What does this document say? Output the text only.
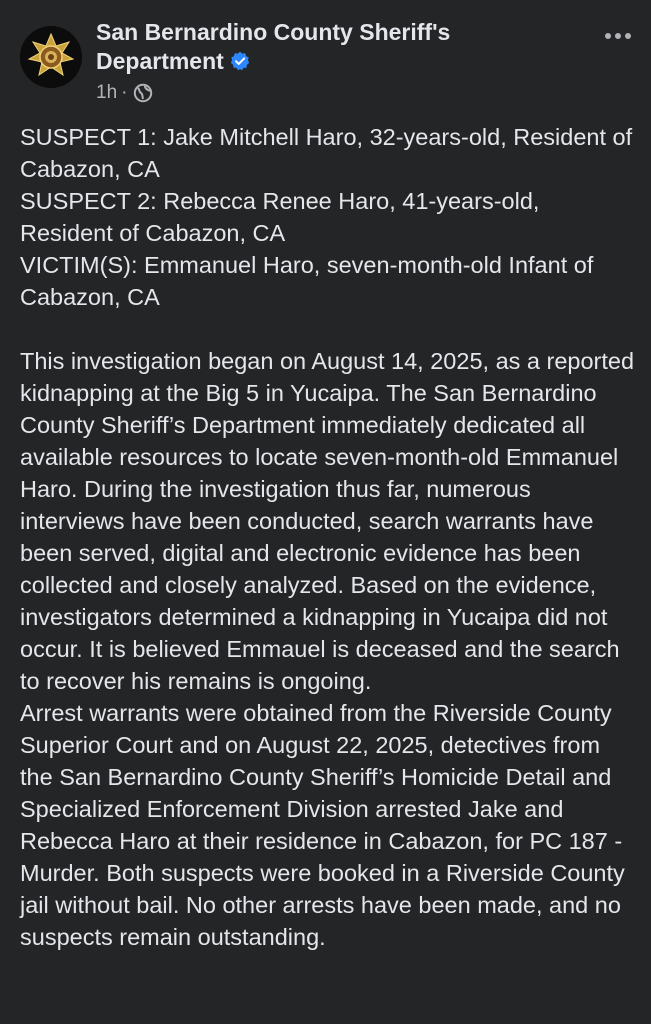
San Bernardino County Sheriff's Department
1h ·

SUSPECT 1: Jake Mitchell Haro, 32-years-old, Resident of Cabazon, CA
SUSPECT 2: Rebecca Renee Haro, 41-years-old, Resident of Cabazon, CA
VICTIM(S): Emmanuel Haro, seven-month-old Infant of Cabazon, CA

This investigation began on August 14, 2025, as a reported kidnapping at the Big 5 in Yucaipa. The San Bernardino County Sheriff’s Department immediately dedicated all available resources to locate seven-month-old Emmanuel Haro. During the investigation thus far, numerous interviews have been conducted, search warrants have been served, digital and electronic evidence has been collected and closely analyzed. Based on the evidence, investigators determined a kidnapping in Yucaipa did not occur. It is believed Emmauel is deceased and the search to recover his remains is ongoing.

Arrest warrants were obtained from the Riverside County Superior Court and on August 22, 2025, detectives from the San Bernardino County Sheriff’s Homicide Detail and Specialized Enforcement Division arrested Jake and Rebecca Haro at their residence in Cabazon, for PC 187 - Murder. Both suspects were booked in a Riverside County jail without bail. No other arrests have been made, and no suspects remain outstanding.
